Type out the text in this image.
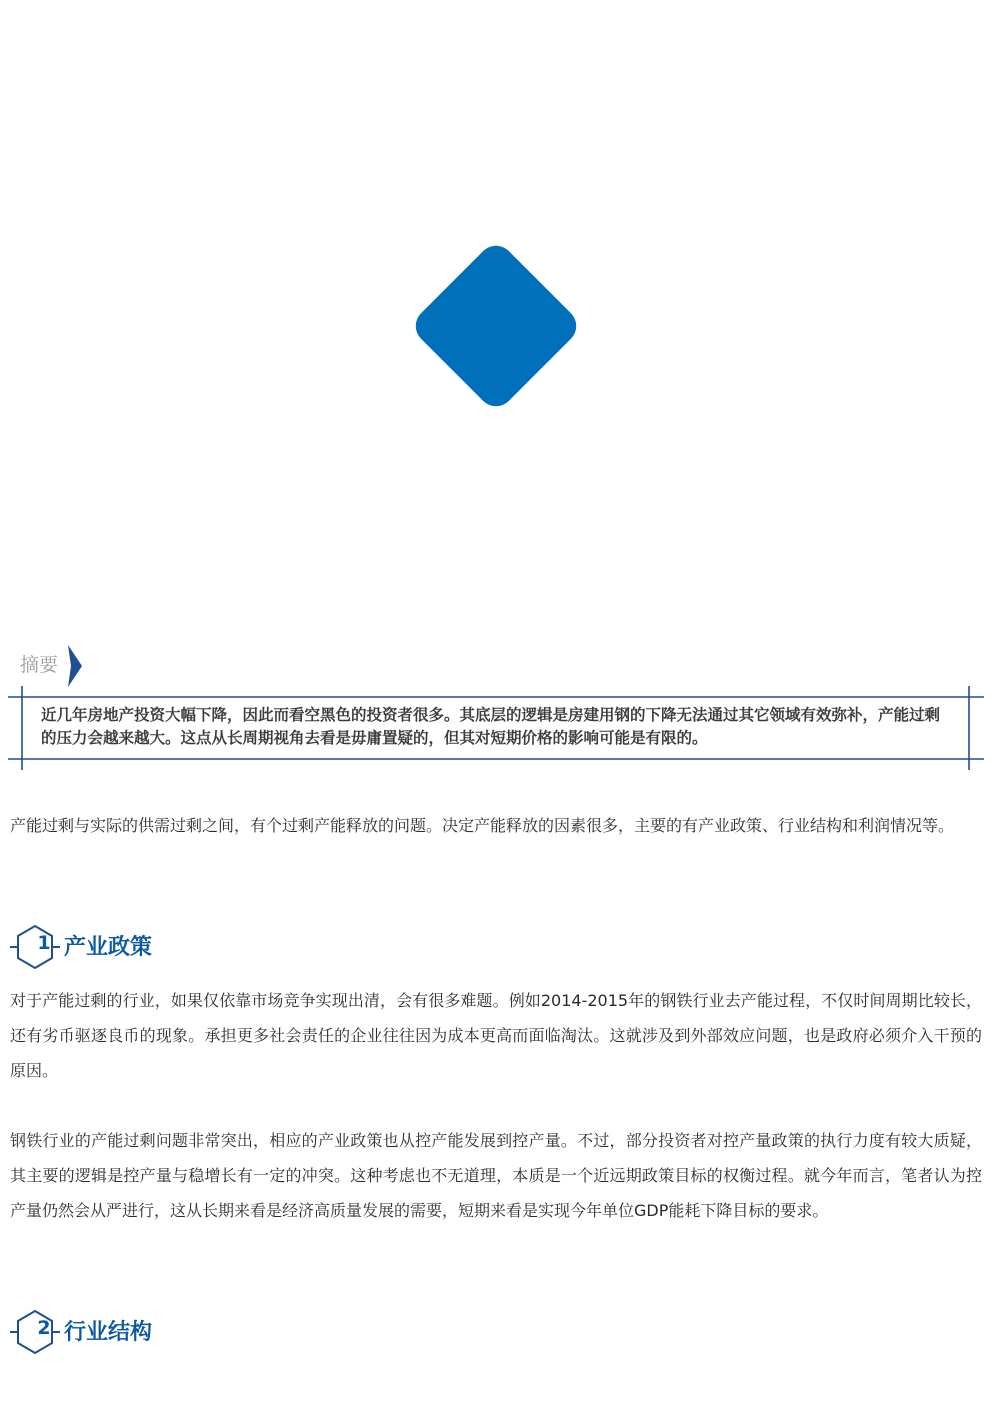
摘要

近几年房地产投资大幅下降，因此而看空黑色的投资者很多。其底层的逻辑是房建用钢的下降无法通过其它领域有效弥补，产能过剩的压力会越来越大。这点从长周期视角去看是毋庸置疑的，但其对短期价格的影响可能是有限的。

产能过剩与实际的供需过剩之间，有个过剩产能释放的问题。决定产能释放的因素很多，主要的有产业政策、行业结构和利润情况等。

1 产业政策

对于产能过剩的行业，如果仅依靠市场竞争实现出清，会有很多难题。例如2014-2015年的钢铁行业去产能过程，不仅时间周期比较长，还有劣币驱逐良币的现象。承担更多社会责任的企业往往因为成本更高而面临淘汰。这就涉及到外部效应问题，也是政府必须介入干预的原因。

钢铁行业的产能过剩问题非常突出，相应的产业政策也从控产能发展到控产量。不过，部分投资者对控产量政策的执行力度有较大质疑，其主要的逻辑是控产量与稳增长有一定的冲突。这种考虑也不无道理，本质是一个近远期政策目标的权衡过程。就今年而言，笔者认为控产量仍然会从严进行，这从长期来看是经济高质量发展的需要，短期来看是实现今年单位GDP能耗下降目标的要求。

2 行业结构
